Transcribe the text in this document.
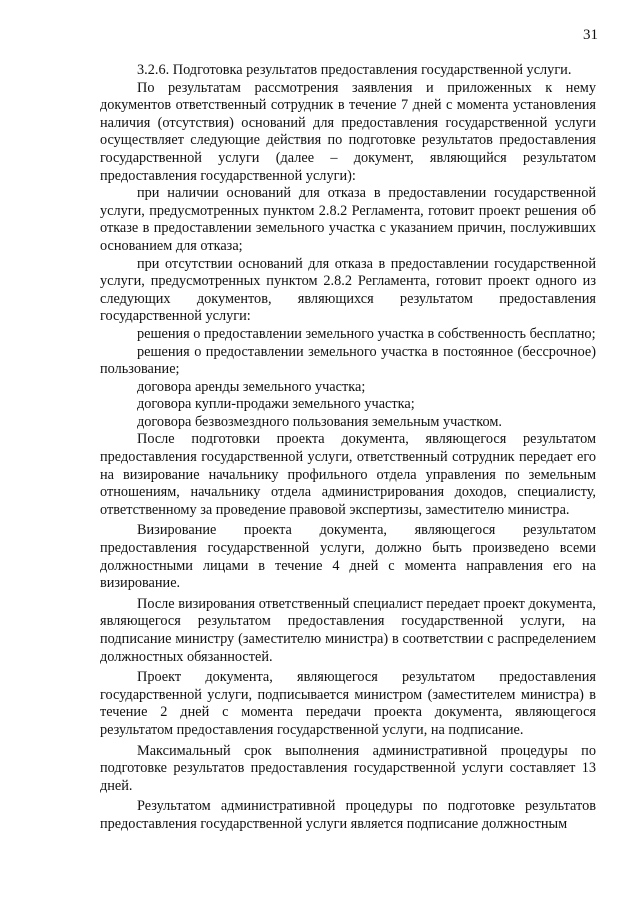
31

3.2.6. Подготовка результатов предоставления государственной услуги.

По результатам рассмотрения заявления и приложенных к нему документов ответственный сотрудник в течение 7 дней с момента установления наличия (отсутствия) оснований для предоставления государственной услуги осуществляет следующие действия по подготовке результатов предоставления государственной услуги (далее – документ, являющийся результатом предоставления государственной услуги):

при наличии оснований для отказа в предоставлении государственной услуги, предусмотренных пунктом 2.8.2 Регламента, готовит проект решения об отказе в предоставлении земельного участка с указанием причин, послуживших основанием для отказа;

при отсутствии оснований для отказа в предоставлении государственной услуги, предусмотренных пунктом 2.8.2 Регламента, готовит проект одного из следующих документов, являющихся результатом предоставления государственной услуги:

решения о предоставлении земельного участка в собственность бесплатно;

решения о предоставлении земельного участка в постоянное (бессрочное) пользование;

договора аренды земельного участка;

договора купли-продажи земельного участка;

договора безвозмездного пользования земельным участком.

После подготовки проекта документа, являющегося результатом предоставления государственной услуги, ответственный сотрудник передает его на визирование начальнику профильного отдела управления по земельным отношениям, начальнику отдела администрирования доходов, специалисту, ответственному за проведение правовой экспертизы, заместителю министра.

Визирование проекта документа, являющегося результатом предоставления государственной услуги, должно быть произведено всеми должностными лицами в течение 4 дней с момента направления его на визирование.

После визирования ответственный специалист передает проект документа, являющегося результатом предоставления государственной услуги, на подписание министру (заместителю министра) в соответствии с распределением должностных обязанностей.

Проект документа, являющегося результатом предоставления государственной услуги, подписывается министром (заместителем министра) в течение 2 дней с момента передачи проекта документа, являющегося результатом предоставления государственной услуги, на подписание.

Максимальный срок выполнения административной процедуры по подготовке результатов предоставления государственной услуги составляет 13 дней.

Результатом административной процедуры по подготовке результатов предоставления государственной услуги является подписание должностным
